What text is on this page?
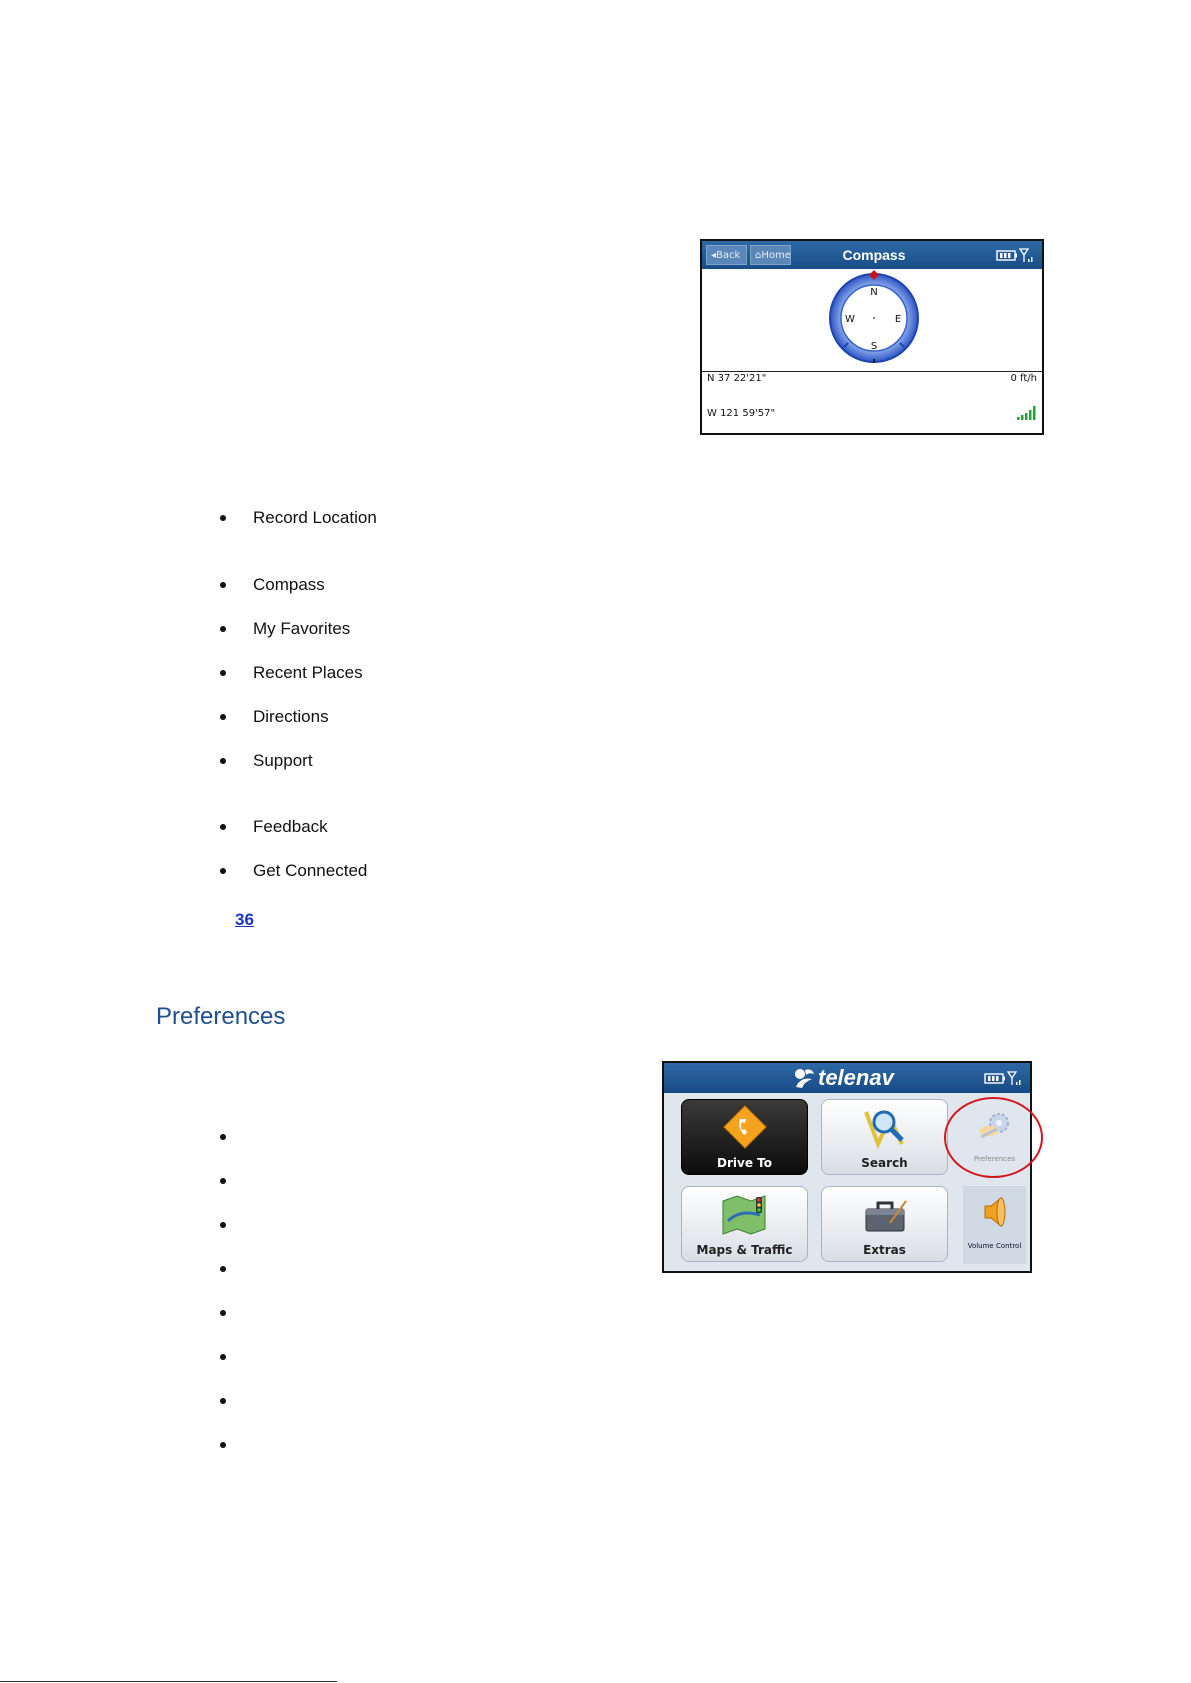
◂Back	⌂Home	Compass
N
S
W	E
N 37 22'21"	0 ft/h
W 121 59'57"
Record Location
Compass
My Favorites
Recent Places
Directions
Support
Feedback
Get Connected
36
Preferences
telenav
Drive To	Search
Maps & Traffic	Extras
Preferences
Volume Control
